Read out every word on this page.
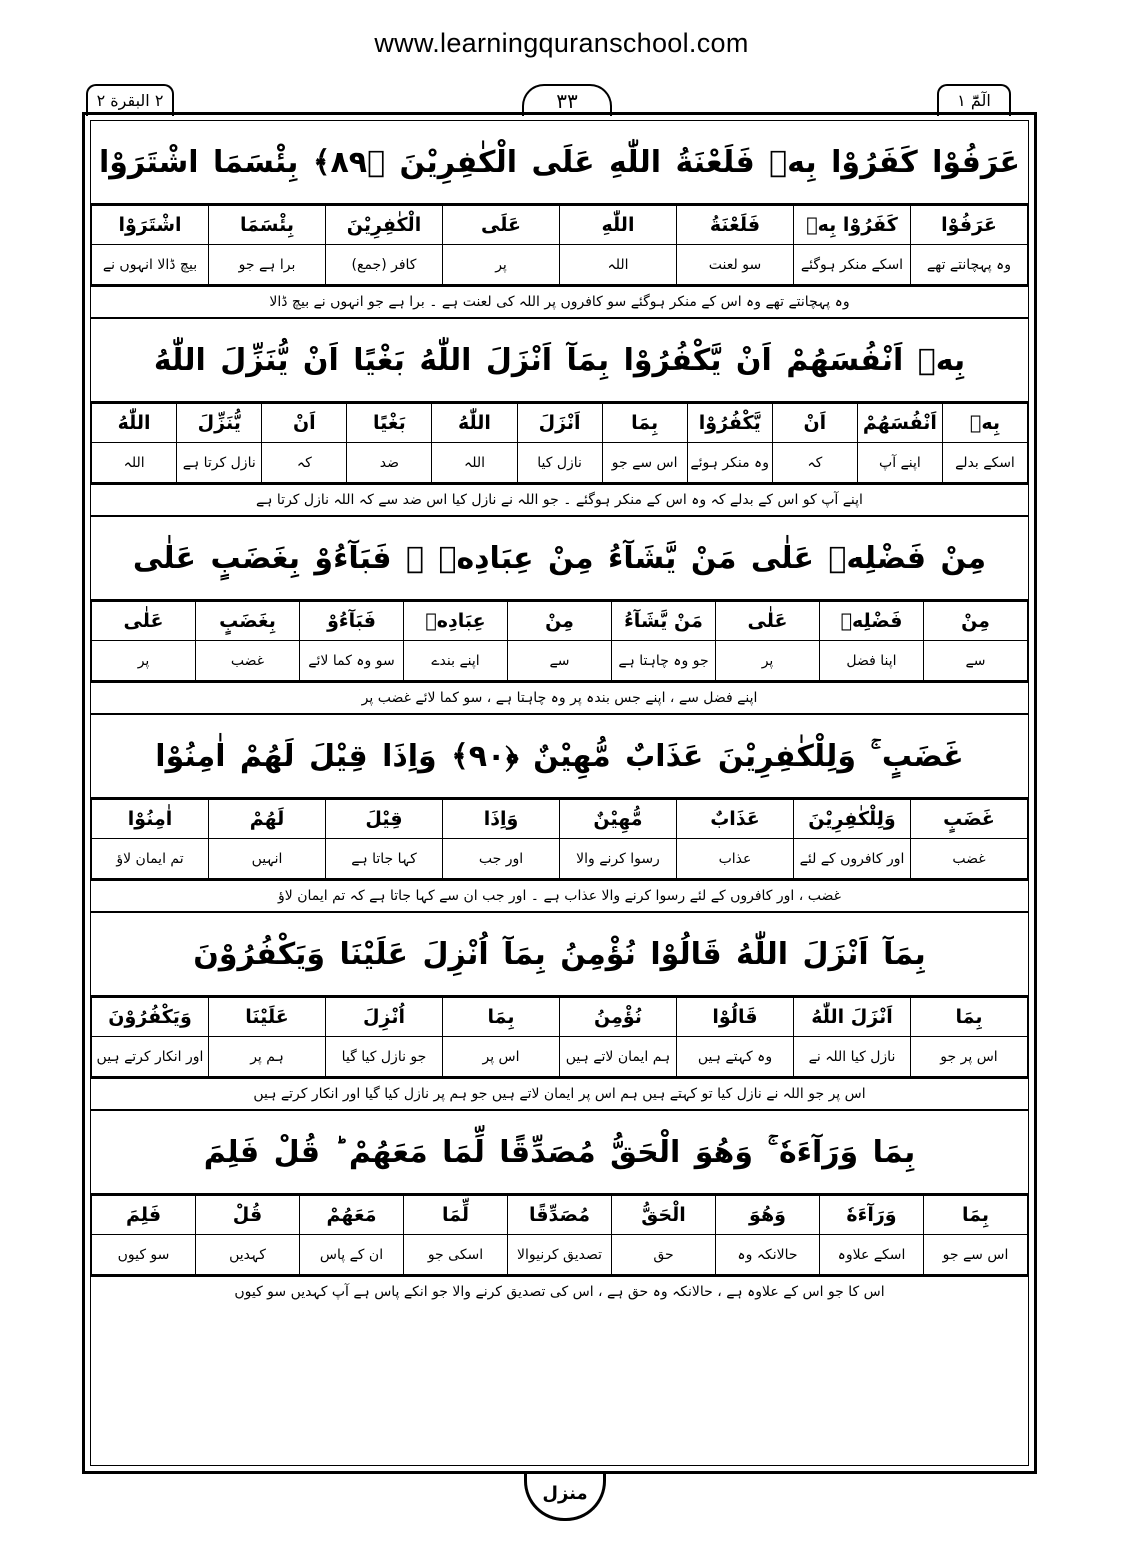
www.learningquranschool.com
الٓمّٓ ١
٣٣
٢ البقرة ٢
عَرَفُوْا كَفَرُوْا بِهٖ فَلَعْنَةُ اللّٰهِ عَلَى الْكٰفِرِيْنَ ﴿٨٩﴾ بِئْسَمَا اشْتَرَوْا
عَرَفُوْا	كَفَرُوْا بِهٖ	فَلَعْنَةُ	اللّٰهِ	عَلَى	الْكٰفِرِيْنَ	بِئْسَمَا	اشْتَرَوْا
وہ پہچانتے تھے	اسکے منکر ہوگئے	سو لعنت	اللہ	پر	کافر (جمع)	برا ہے جو	بیچ ڈالا انہوں نے
وہ پہچانتے تھے وہ اس کے منکر ہوگئے سو کافروں پر اللہ کی لعنت ہے ۔ برا ہے جو انہوں نے بیچ ڈالا
بِهٖ اَنْفُسَهُمْ اَنْ يَّكْفُرُوْا بِمَآ اَنْزَلَ اللّٰهُ بَغْيًا اَنْ يُّنَزِّلَ اللّٰهُ
بِهٖ	اَنْفُسَهُمْ	اَنْ	يَّكْفُرُوْا	بِمَا	اَنْزَلَ	اللّٰهُ	بَغْيًا	اَنْ	يُّنَزِّلَ	اللّٰهُ
اسکے بدلے	اپنے آپ	کہ	وہ منکر ہوئے	اس سے جو	نازل کیا	اللہ	ضد	کہ	نازل کرتا ہے	اللہ
اپنے آپ کو اس کے بدلے کہ وہ اس کے منکر ہوگئے ۔ جو اللہ نے نازل کیا اس ضد سے کہ اللہ نازل کرتا ہے
مِنْ فَضْلِهٖ عَلٰى مَنْ يَّشَآءُ مِنْ عِبَادِهٖ ۚ فَبَآءُوْ بِغَضَبٍ عَلٰى
مِنْ	فَضْلِهٖ	عَلٰى	مَنْ يَّشَآءُ	مِنْ	عِبَادِهٖ	فَبَآءُوْ	بِغَضَبٍ	عَلٰى
سے	اپنا فضل	پر	جو وہ چاہتا ہے	سے	اپنے بندے	سو وہ کما لائے	غضب	پر
اپنے فضل سے ، اپنے جس بندہ پر وہ چاہتا ہے ، سو کما لائے غضب پر
غَضَبٍ ۚ وَلِلْكٰفِرِيْنَ عَذَابٌ مُّهِيْنٌ ﴿٩٠﴾ وَاِذَا قِيْلَ لَهُمْ اٰمِنُوْا
غَضَبٍ	وَلِلْكٰفِرِيْنَ	عَذَابٌ	مُّهِيْنٌ	وَاِذَا	قِيْلَ	لَهُمْ	اٰمِنُوْا
غضب	اور کافروں کے لئے	عذاب	رسوا کرنے والا	اور جب	کہا جاتا ہے	انہیں	تم ایمان لاؤ
غضب ، اور کافروں کے لئے رسوا کرنے والا عذاب ہے ۔ اور جب ان سے کہا جاتا ہے کہ تم ایمان لاؤ
بِمَآ اَنْزَلَ اللّٰهُ قَالُوْا نُؤْمِنُ بِمَآ اُنْزِلَ عَلَيْنَا وَيَكْفُرُوْنَ
بِمَا	اَنْزَلَ اللّٰهُ	قَالُوْا	نُؤْمِنُ	بِمَا	اُنْزِلَ	عَلَيْنَا	وَيَكْفُرُوْنَ
اس پر جو	نازل کیا اللہ نے	وہ کہتے ہیں	ہم ایمان لاتے ہیں	اس پر	جو نازل کیا گیا	ہم پر	اور انکار کرتے ہیں
اس پر جو اللہ نے نازل کیا تو کہتے ہیں ہم اس پر ایمان لاتے ہیں جو ہم پر نازل کیا گیا اور انکار کرتے ہیں
بِمَا وَرَآءَهٗ ۚ وَهُوَ الْحَقُّ مُصَدِّقًا لِّمَا مَعَهُمْ ؕ قُلْ فَلِمَ
بِمَا	وَرَآءَهٗ	وَهُوَ	الْحَقُّ	مُصَدِّقًا	لِّمَا	مَعَهُمْ	قُلْ	فَلِمَ
اس سے جو	اسکے علاوہ	حالانکہ وہ	حق	تصدیق کرنیوالا	اسکی جو	ان کے پاس	کہدیں	سو کیوں
اس کا جو اس کے علاوہ ہے ، حالانکہ وہ حق ہے ، اس کی تصدیق کرنے والا جو انکے پاس ہے آپ کہدیں سو کیوں
منزل
